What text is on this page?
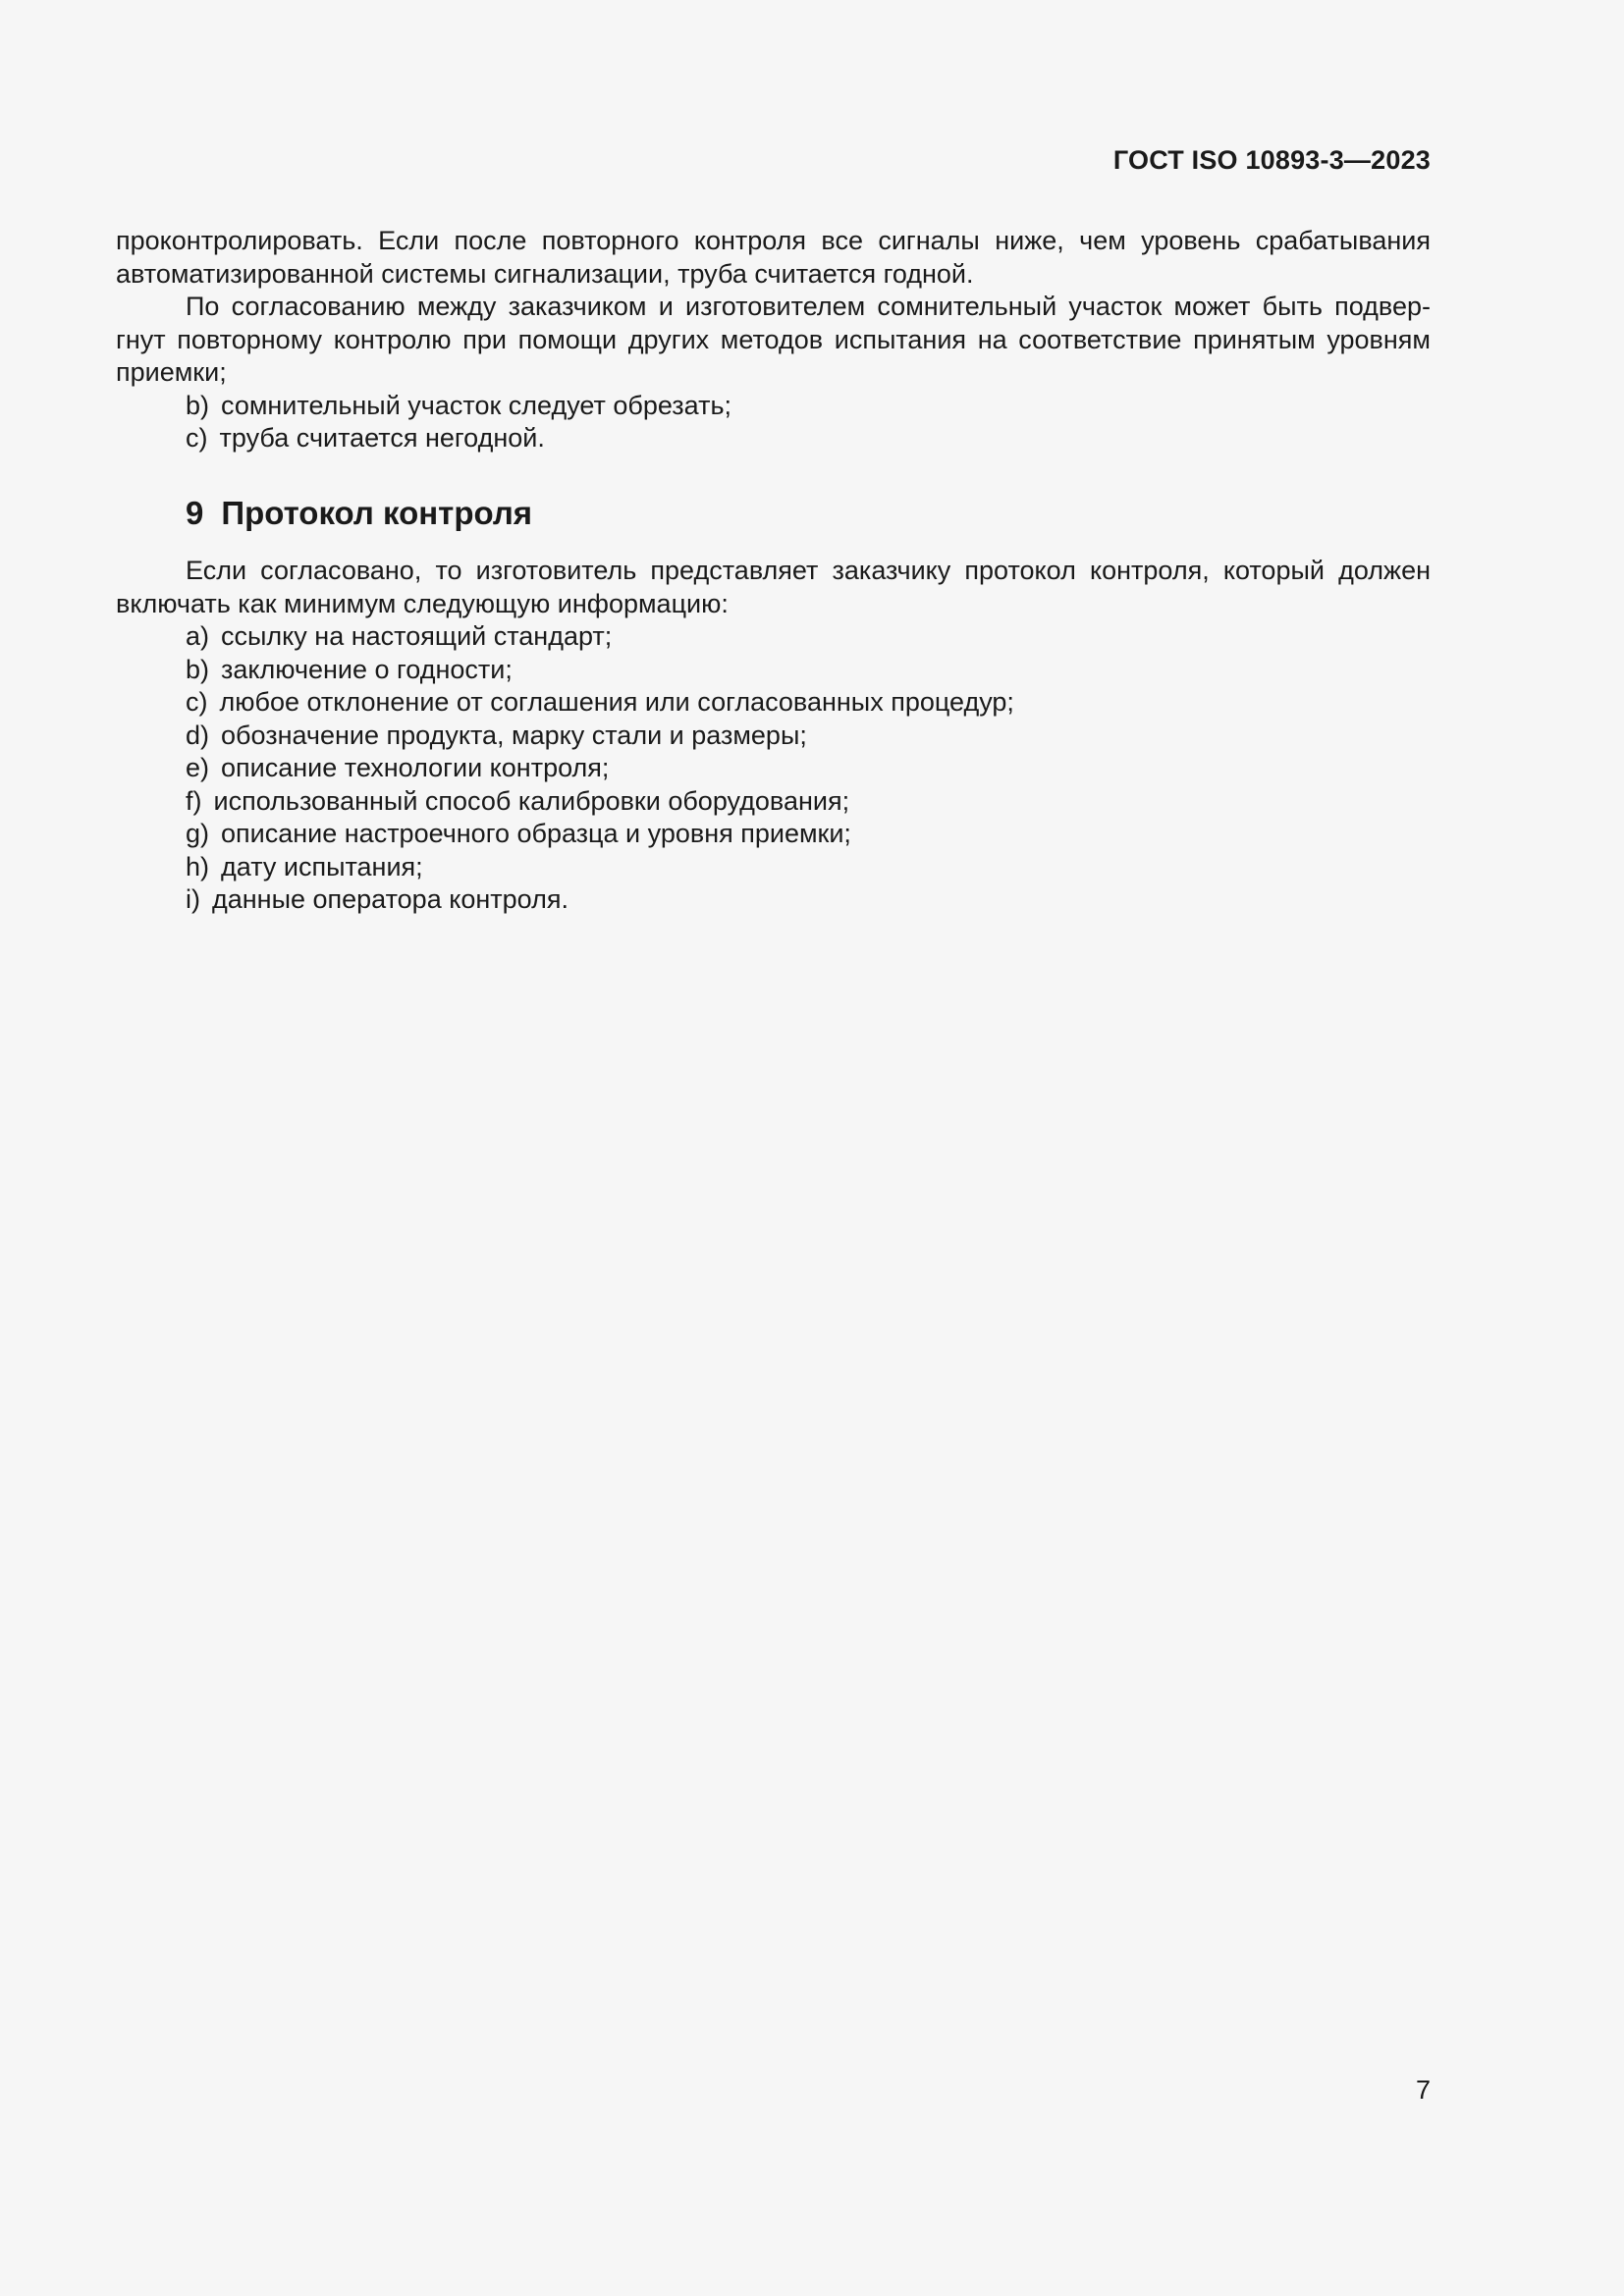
ГОСТ ISO 10893-3—2023

проконтролировать. Если после повторного контроля все сигналы ниже, чем уровень срабатывания автоматизированной системы сигнализации, труба считается годной.

По согласованию между заказчиком и изготовителем сомнительный участок может быть подвер-гнут повторному контролю при помощи других методов испытания на соответствие принятым уровням приемки;

b) сомнительный участок следует обрезать;
c) труба считается негодной.
9 Протокол контроля

Если согласовано, то изготовитель представляет заказчику протокол контроля, который должен включать как минимум следующую информацию:

a) ссылку на настоящий стандарт;
b) заключение о годности;
c) любое отклонение от соглашения или согласованных процедур;
d) обозначение продукта, марку стали и размеры;
e) описание технологии контроля;
f) использованный способ калибровки оборудования;
g) описание настроечного образца и уровня приемки;
h) дату испытания;
i) данные оператора контроля.
7
